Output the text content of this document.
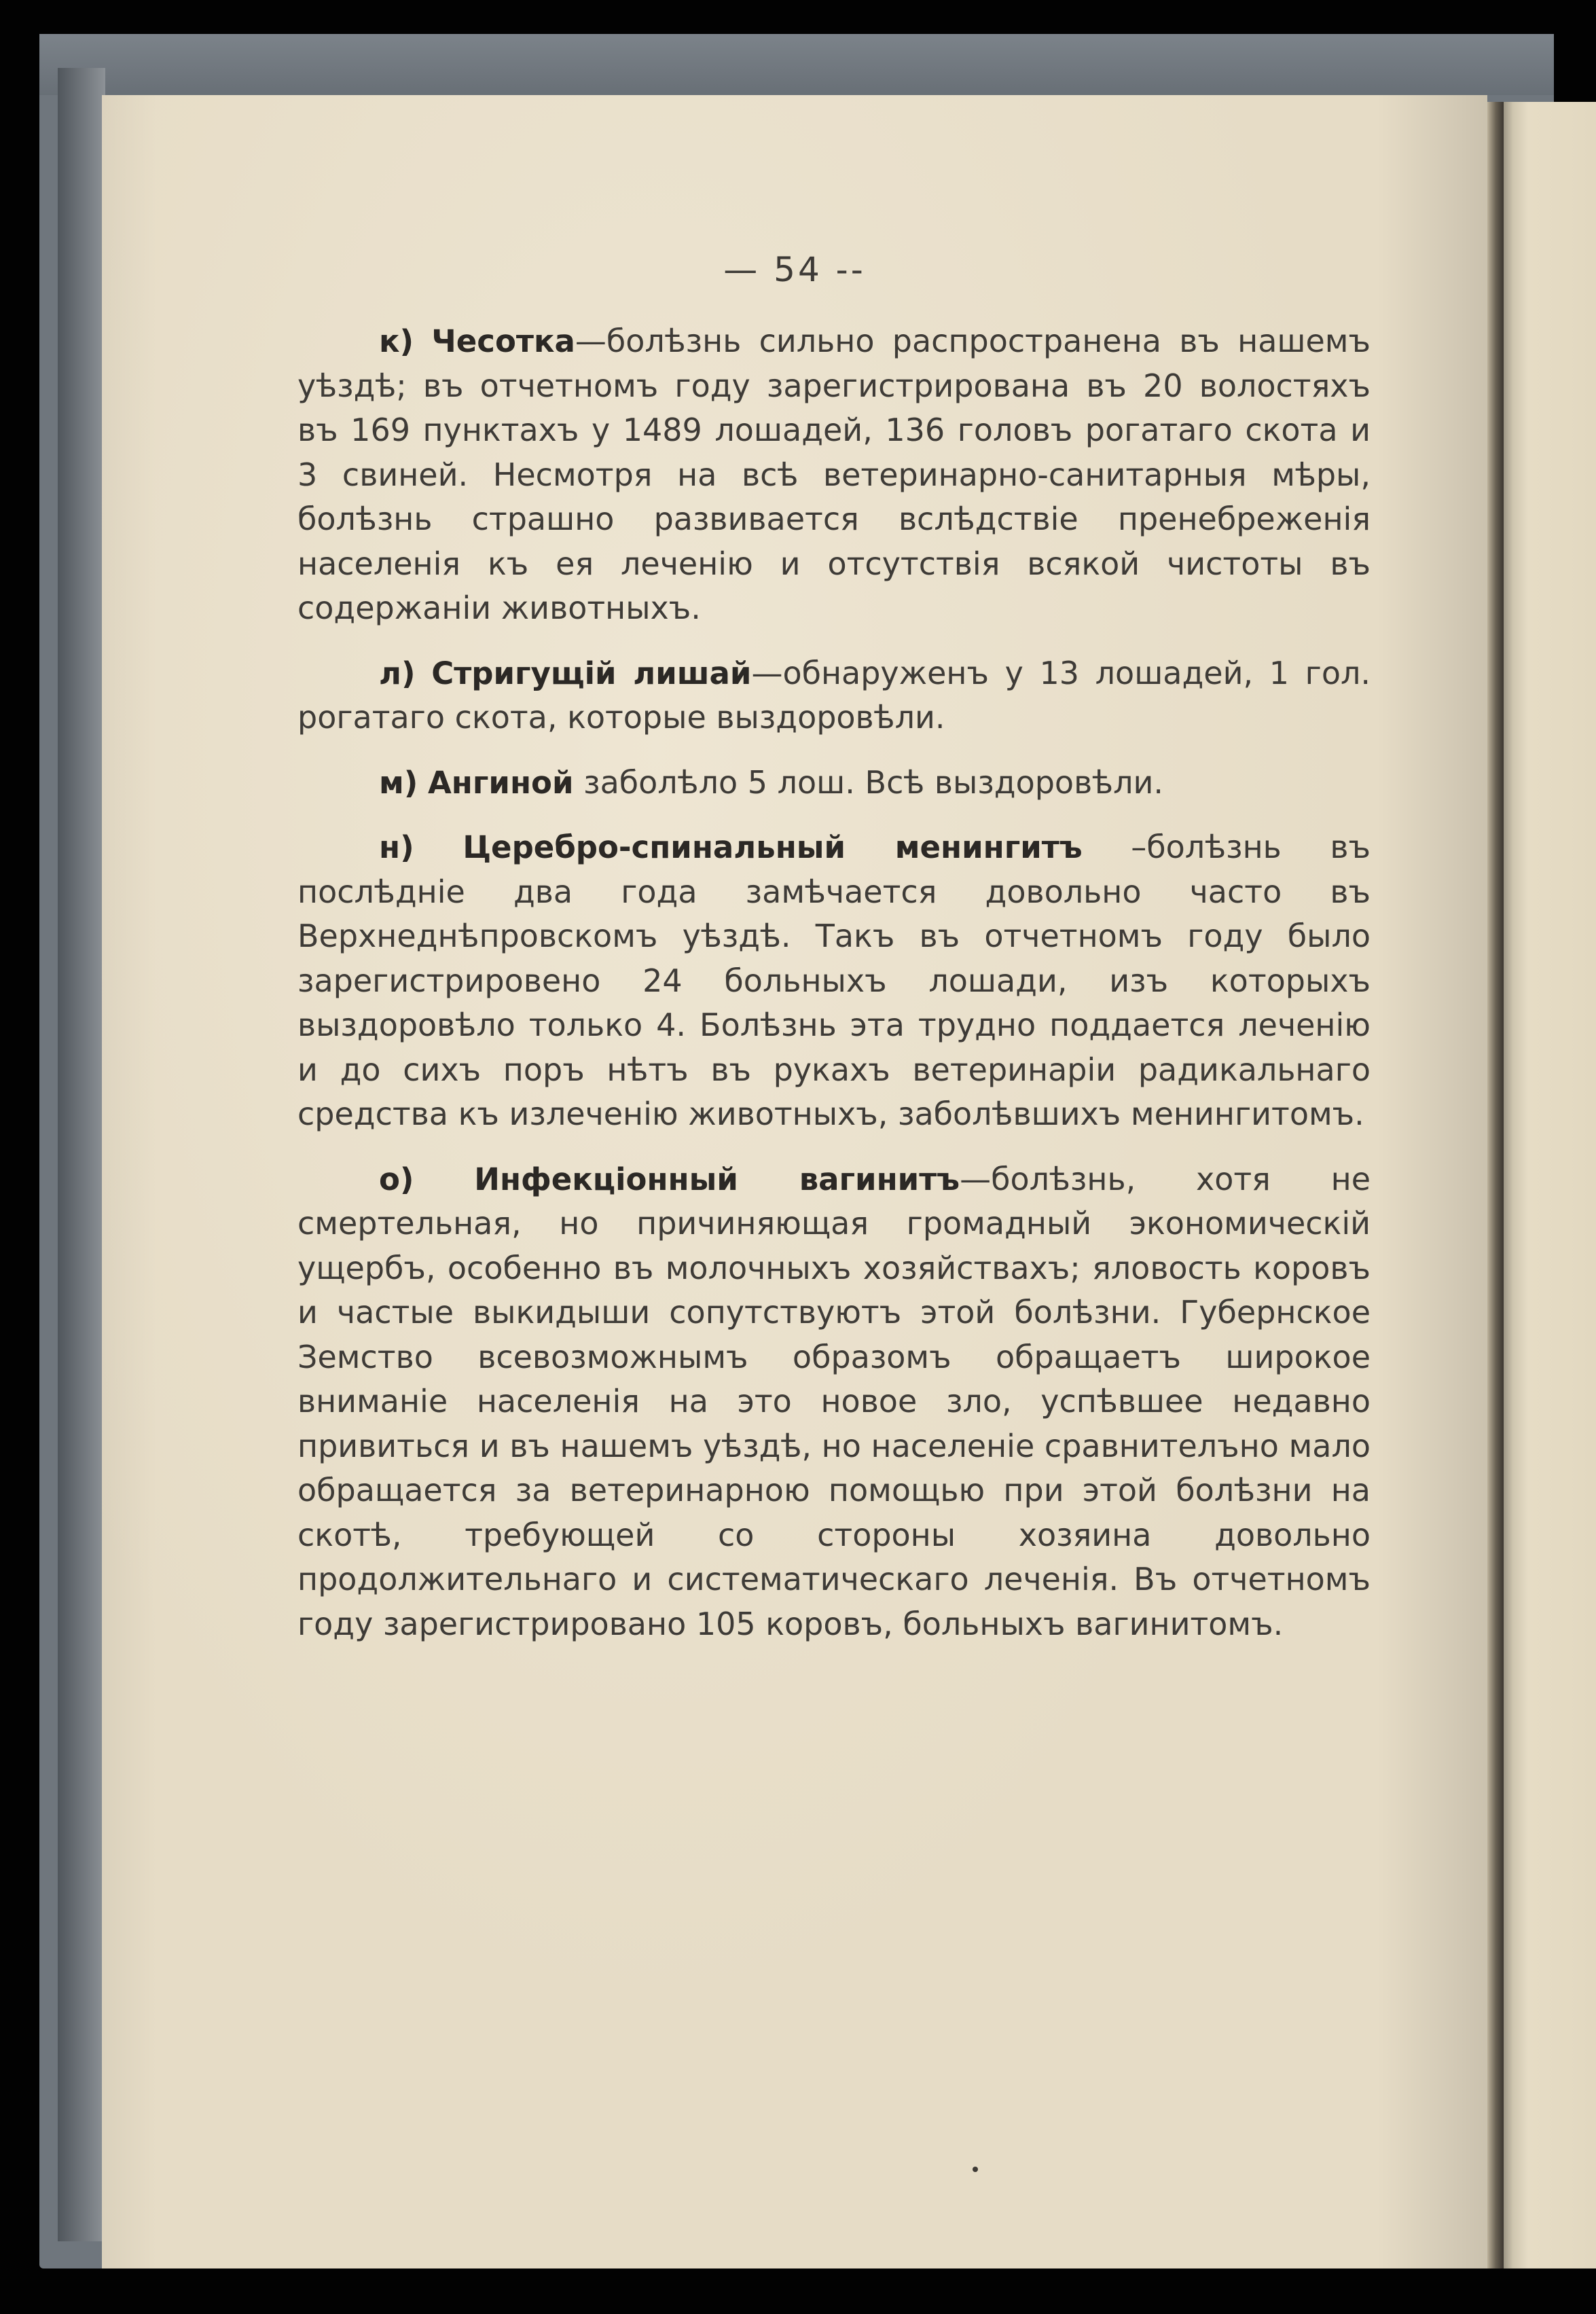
— 54 --

к) Чесотка—болѣзнь сильно распространена въ нашемъ уѣздѣ; въ отчетномъ году зарегистрирована въ 20 волостяхъ въ 169 пунктахъ у 1489 лошадей, 136 головъ рогатаго скота и 3 свиней. Несмотря на всѣ ветеринарно-санитарныя мѣры, болѣзнь страшно развивается вслѣдствіе пренебреженія населенія къ ея леченію и отсутствія всякой чистоты въ содержаніи животныхъ.

л) Стригущій лишай—обнаруженъ у 13 лошадей, 1 гол. рогатаго скота, которые выздоровѣли.

м) Ангиной заболѣло 5 лош. Всѣ выздоровѣли.

н) Церебро-спинальный менингитъ –болѣзнь въ послѣдніе два года замѣчается довольно часто въ Верхнеднѣпровскомъ уѣздѣ. Такъ въ отчетномъ году было зарегистрировено 24 больныхъ лошади, изъ которыхъ выздоровѣло только 4. Болѣзнь эта трудно поддается леченію и до сихъ поръ нѣтъ въ рукахъ ветеринаріи радикальнаго средства къ излеченію животныхъ, заболѣвшихъ менингитомъ.

о) Инфекціонный вагинитъ—болѣзнь, хотя не смертельная, но причиняющая громадный экономическій ущербъ, особенно въ молочныхъ хозяйствахъ; яловость коровъ и частые выкидыши сопутствуютъ этой болѣзни. Губернское Земство всевозможнымъ образомъ обращаетъ широкое вниманіе населенія на это новое зло, успѣвшее недавно привиться и въ нашемъ уѣздѣ, но населеніе сравнителъно мало обращается за ветеринарною помощью при этой болѣзни на скотѣ, требующей со стороны хозяина довольно продолжительнаго и систематическаго леченія. Въ отчетномъ году зарегистрировано 105 коровъ, больныхъ вагинитомъ.
